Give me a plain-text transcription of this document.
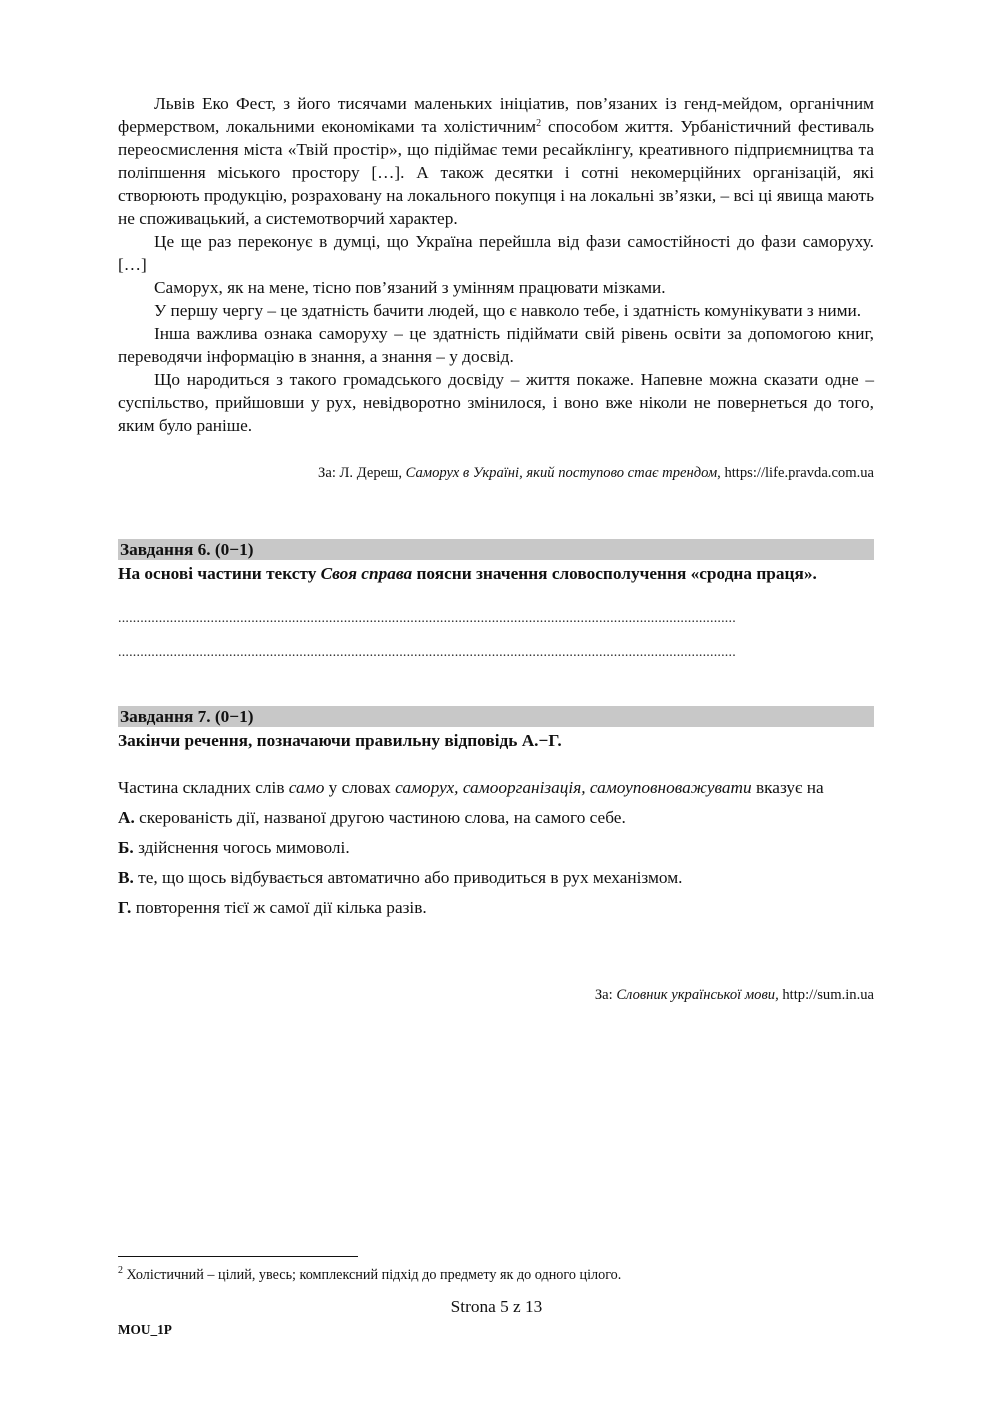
Львів Еко Фест, з його тисячами маленьких ініціатив, пов’язаних із генд-мейдом, органічним фермерством, локальними економіками та холістичним$^2$ способом життя. Урбаністичний фестиваль переосмислення міста «Твій простір», що підіймає теми ресайклінгу, креативного підприємництва та поліпшення міського простору […]. А також десятки і сотні некомерційних організацій, які створюють продукцію, розраховану на локального покупця і на локальні зв’язки, – всі ці явища мають не споживацький, а системотворчий характер.

Це ще раз переконує в думці, що Україна перейшла від фази самостійності до фази саморуху. […]

Саморух, як на мене, тісно пов’язаний з умінням працювати мізками.

У першу чергу – це здатність бачити людей, що є навколо тебе, і здатність комунікувати з ними.

Інша важлива ознака саморуху – це здатність підіймати свій рівень освіти за допомогою книг, переводячи інформацію в знання, а знання – у досвід.

Що народиться з такого громадського досвіду – життя покаже. Напевне можна сказати одне – суспільство, прийшовши у рух, невідворотно змінилося, і воно вже ніколи не повернеться до того, яким було раніше.

За: Л. Дереш, Саморух в Україні, який поступово стає трендом, https://life.pravda.com.ua
Завдання 6. (0−1)
На основі частини тексту Своя справа поясни значення словосполучення «сродна праця».
.......................................................................................................................................................................
.......................................................................................................................................................................
Завдання 7. (0−1)
Закінчи речення, позначаючи правильну відповідь А.−Г.
Частина складних слів само у словах саморух, самоорганізація, самоуповноважувати вказує на
А. скерованість дії, названої другою частиною слова, на самого себе.
Б. здійснення чогось мимоволі.
В. те, що щось відбувається автоматично або приводиться в рух механізмом.
Г. повторення тієї ж самої дії кілька разів.
За: Словник української мови, http://sum.in.ua
$^2$ Холістичний – цілий, увесь; комплексний підхід до предмету як до одного цілого.
Strona 5 z 13
MOU_1P
